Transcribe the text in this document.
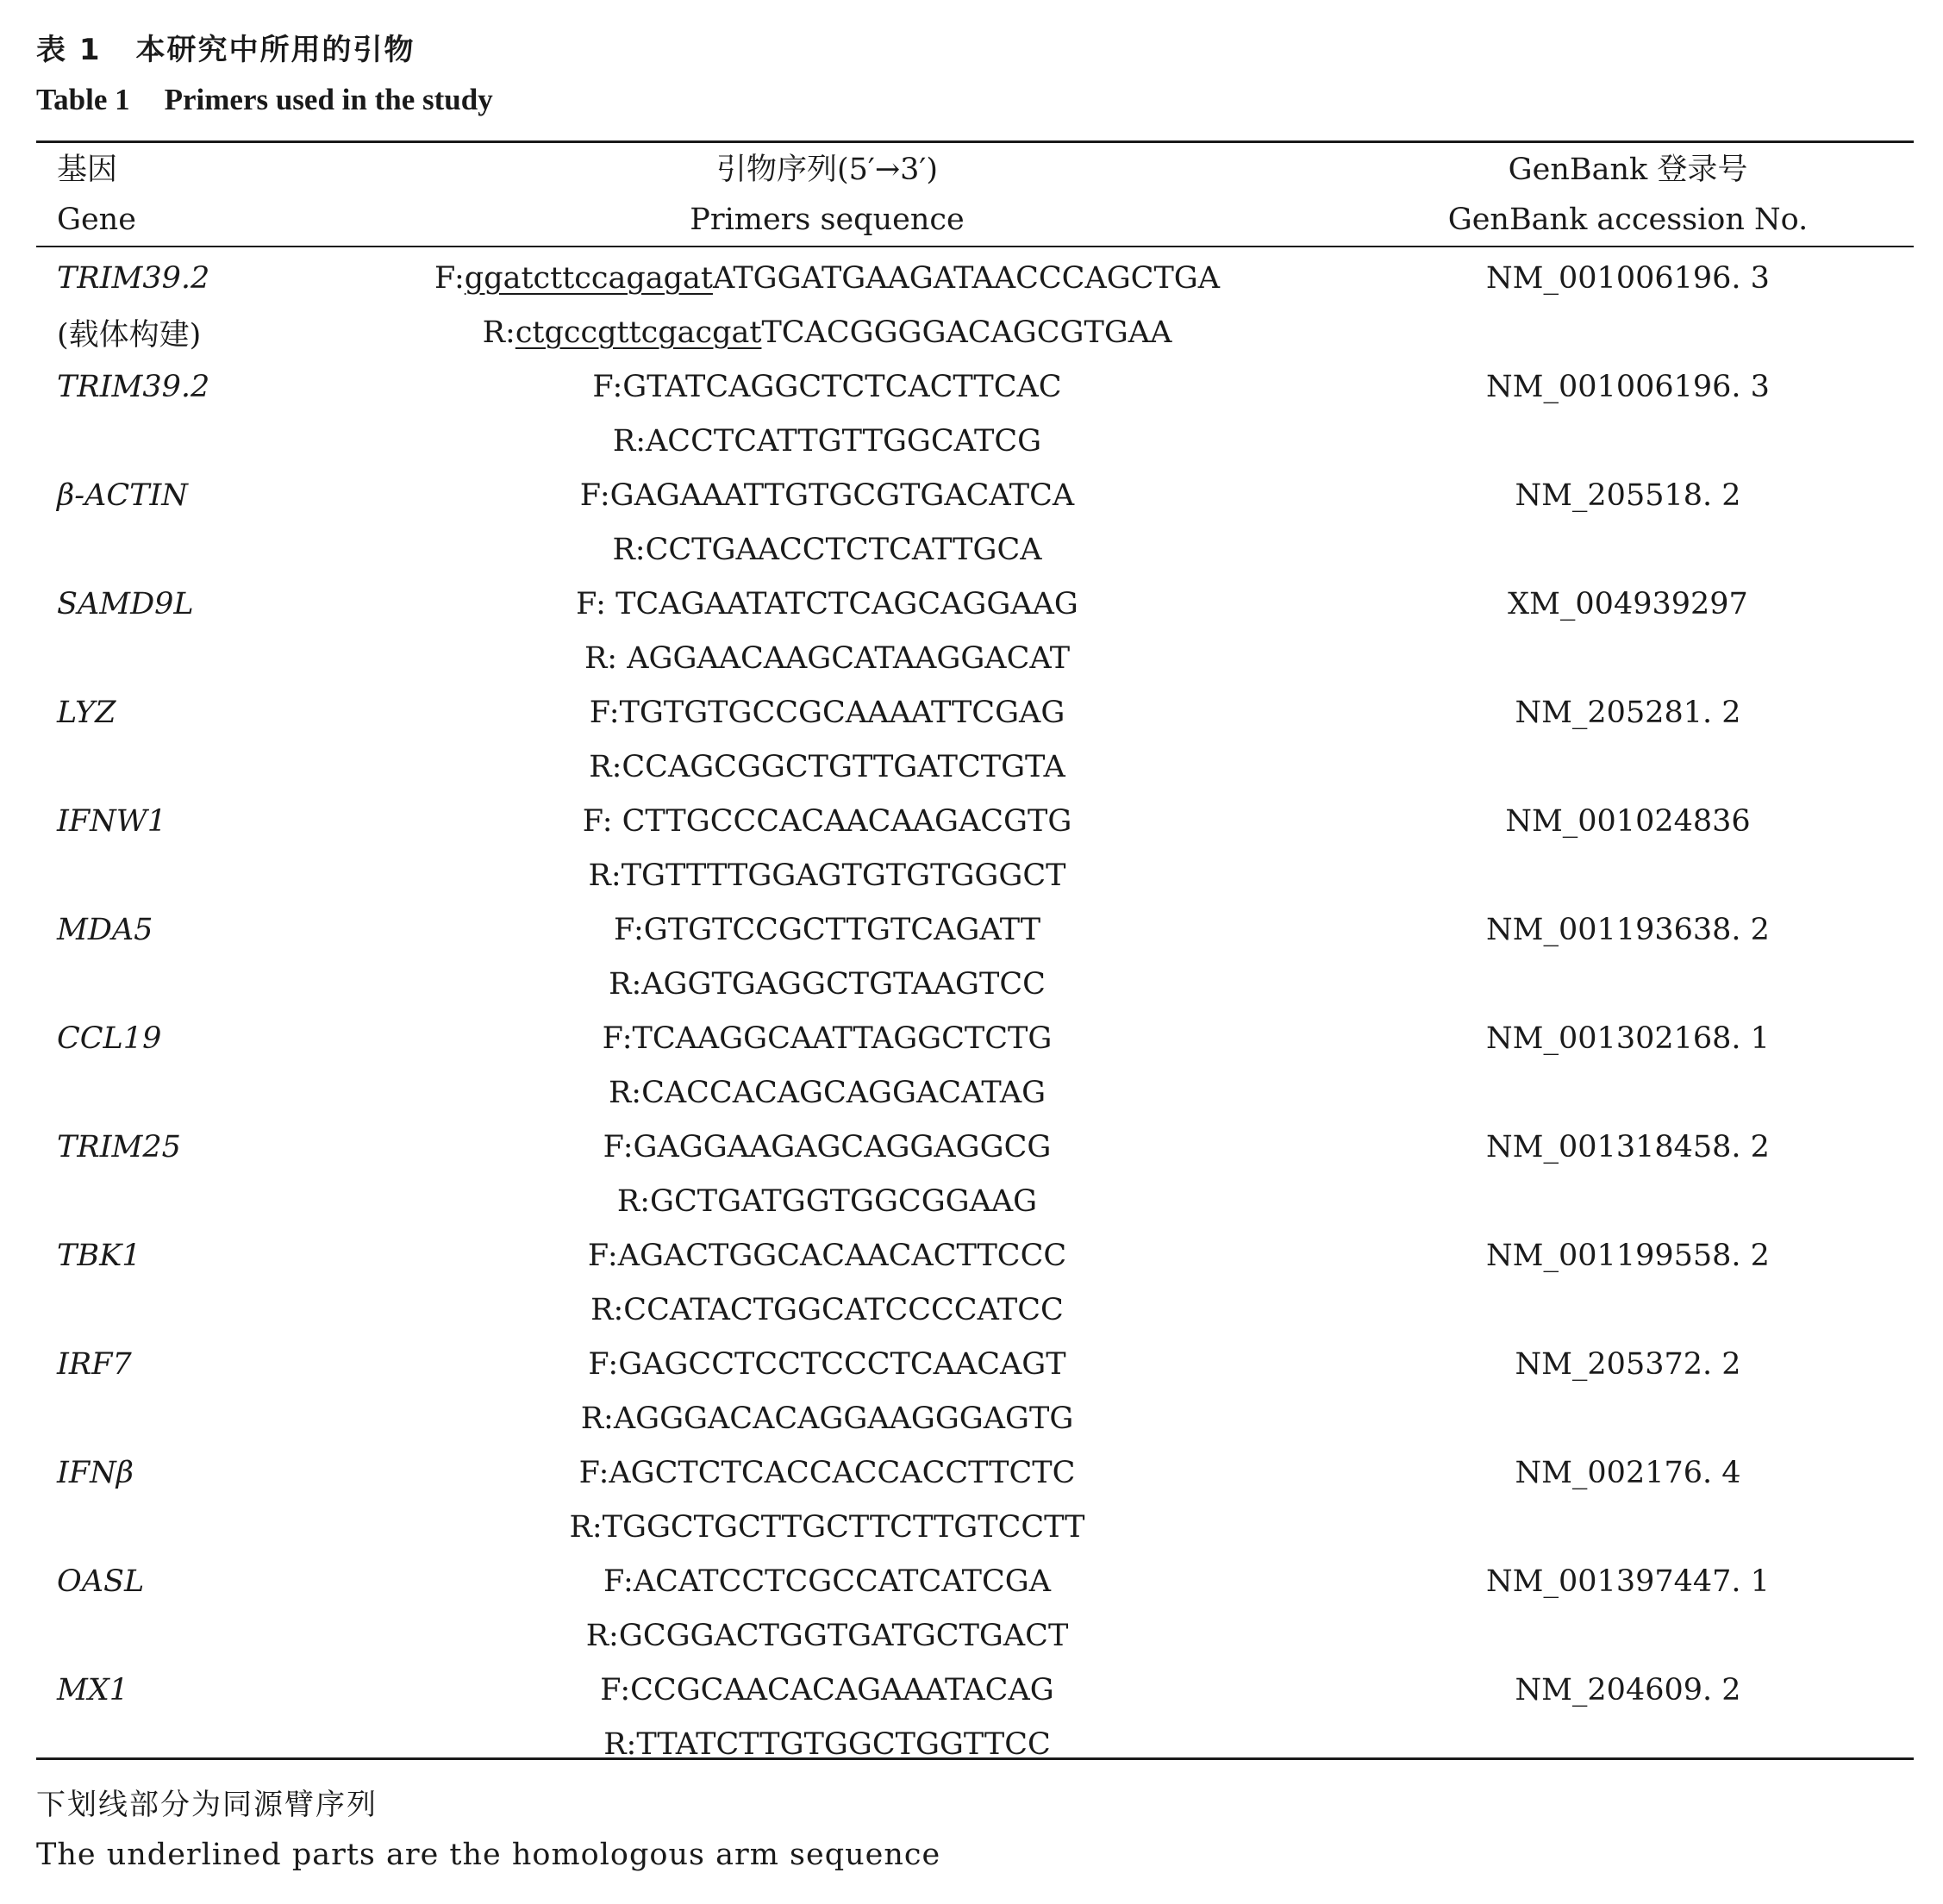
表 1 本研究中所用的引物
Table 1 Primers used in the study
基因	引物序列(5′→3′)	GenBank 登录号
Gene	Primers sequence	GenBank accession No.
TRIM39.2	F:ggatcttccagagatATGGATGAAGATAACCCAGCTGA	NM_001006196. 3
(载体构建)	R:ctgccgttcgacgatTCACGGGGACAGCGTGAA	
TRIM39.2	F:GTATCAGGCTCTCACTTCAC	NM_001006196. 3
	R:ACCTCATTGTTGGCATCG	
β-ACTIN	F:GAGAAATTGTGCGTGACATCA	NM_205518. 2
	R:CCTGAACCTCTCATTGCA	
SAMD9L	F: TCAGAATATCTCAGCAGGAAG	XM_004939297
	R: AGGAACAAGCATAAGGACAT	
LYZ	F:TGTGTGCCGCAAAATTCGAG	NM_205281. 2
	R:CCAGCGGCTGTTGATCTGTA	
IFNW1	F: CTTGCCCACAACAAGACGTG	NM_001024836
	R:TGTTTTGGAGTGTGTGGGCT	
MDA5	F:GTGTCCGCTTGTCAGATT	NM_001193638. 2
	R:AGGTGAGGCTGTAAGTCC	
CCL19	F:TCAAGGCAATTAGGCTCTG	NM_001302168. 1
	R:CACCACAGCAGGACATAG	
TRIM25	F:GAGGAAGAGCAGGAGGCG	NM_001318458. 2
	R:GCTGATGGTGGCGGAAG	
TBK1	F:AGACTGGCACAACACTTCCC	NM_001199558. 2
	R:CCATACTGGCATCCCCATCC	
IRF7	F:GAGCCTCCTCCCTCAACAGT	NM_205372. 2
	R:AGGGACACAGGAAGGGAGTG	
IFNβ	F:AGCTCTCACCACCACCTTCTC	NM_002176. 4
	R:TGGCTGCTTGCTTCTTGTCCTT	
OASL	F:ACATCCTCGCCATCATCGA	NM_001397447. 1
	R:GCGGACTGGTGATGCTGACT	
MX1	F:CCGCAACACAGAAATACAG	NM_204609. 2
	R:TTATCTTGTGGCTGGTTCC	
下划线部分为同源臂序列
The underlined parts are the homologous arm sequence
